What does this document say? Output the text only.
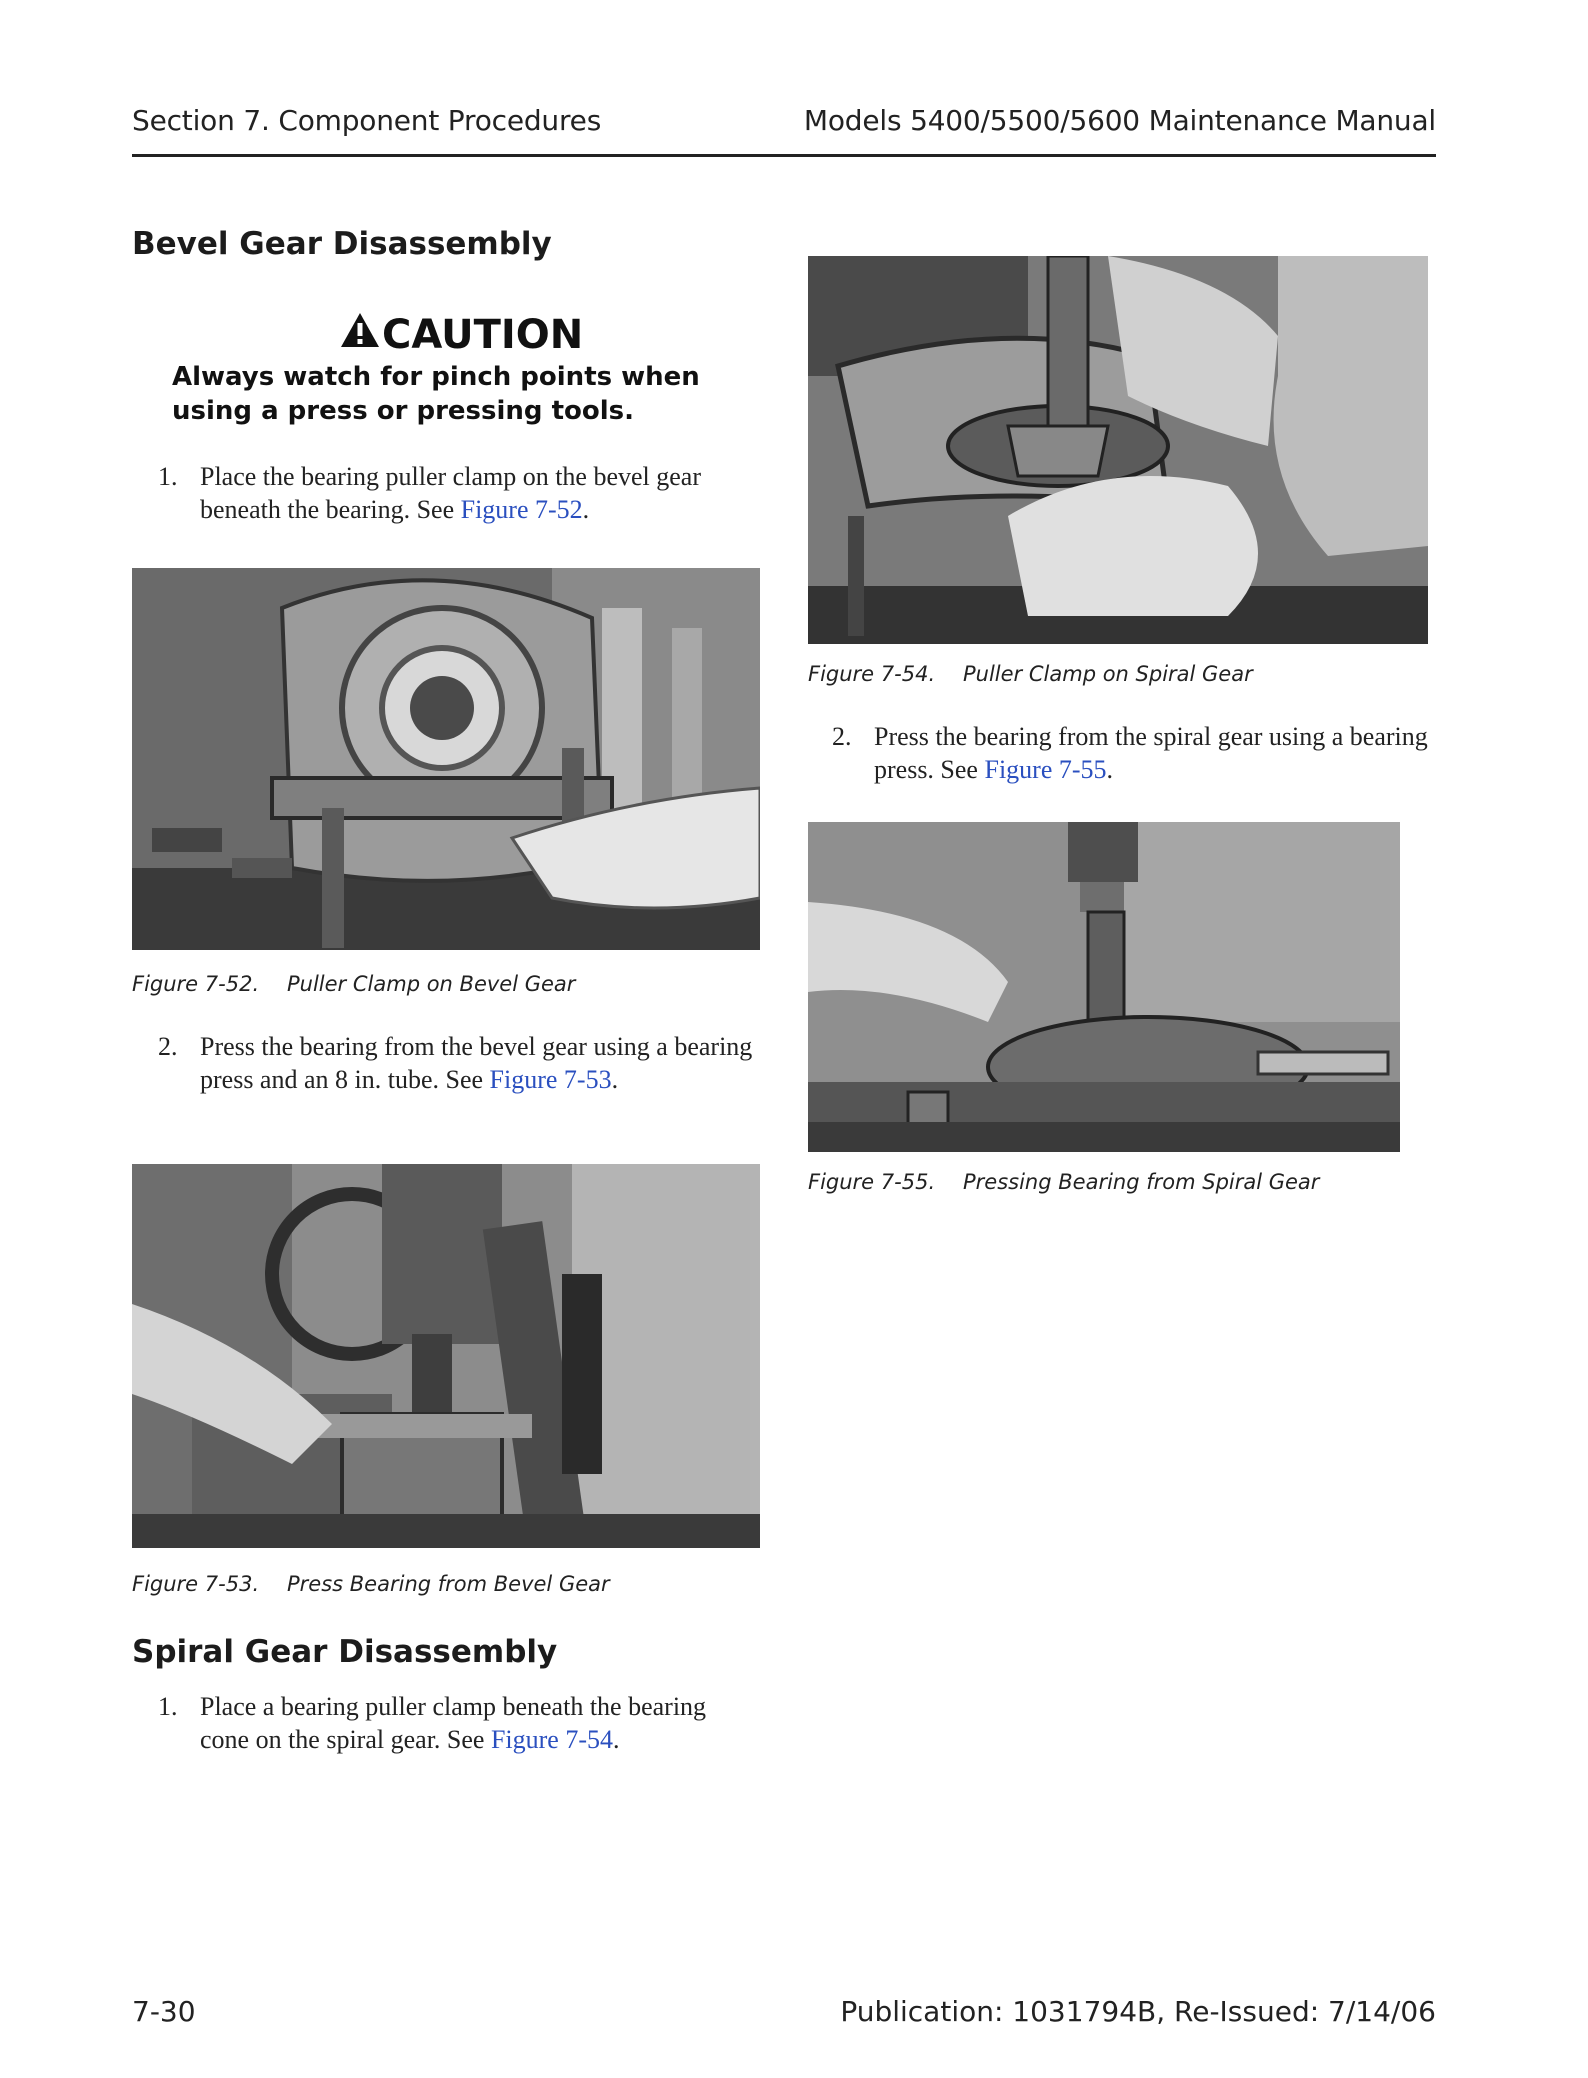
Section 7. Component Procedures	Models 5400/5500/5600 Maintenance Manual
Bevel Gear Disassembly
CAUTION
Always watch for pinch points when
using a press or pressing tools.
1. Place the bearing puller clamp on the bevel gear beneath the bearing. See Figure 7-52.
Figure 7-52. Puller Clamp on Bevel Gear
2. Press the bearing from the bevel gear using a bearing press and an 8 in. tube. See Figure 7-53.
Figure 7-53. Press Bearing from Bevel Gear
Spiral Gear Disassembly
1. Place a bearing puller clamp beneath the bearing cone on the spiral gear. See Figure 7-54.
Figure 7-54. Puller Clamp on Spiral Gear
2. Press the bearing from the spiral gear using a bearing press. See Figure 7-55.
Figure 7-55. Pressing Bearing from Spiral Gear
7-30	Publication: 1031794B, Re-Issued: 7/14/06
